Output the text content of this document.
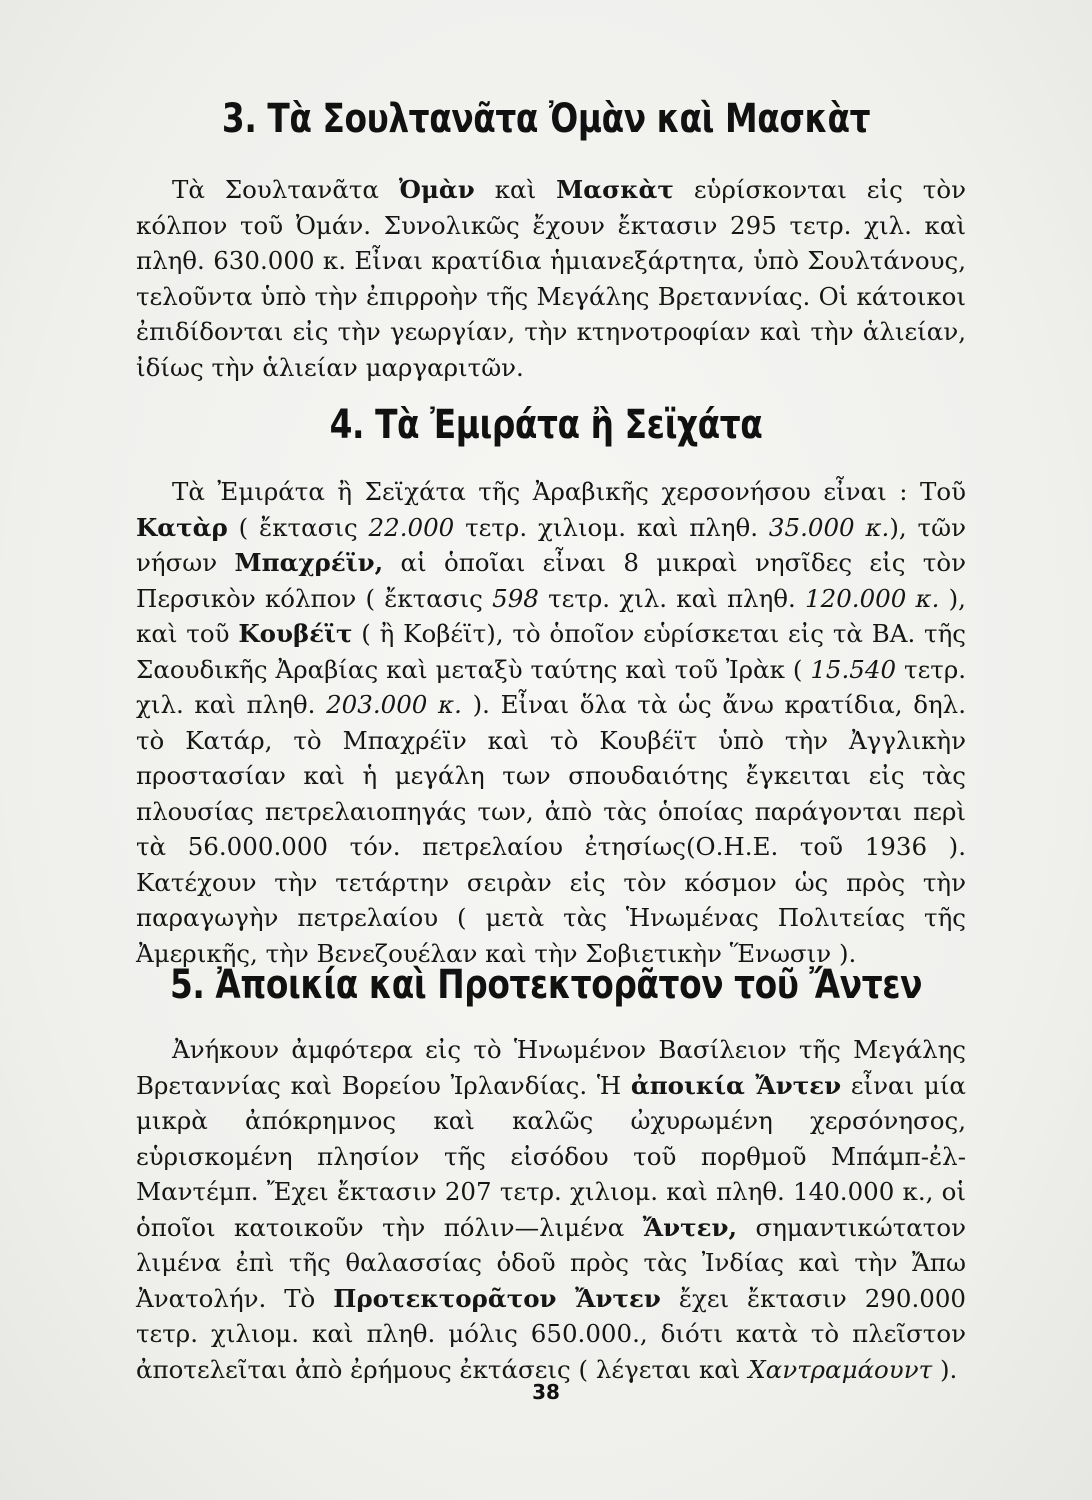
3. Τὰ Σουλτανᾶτα Ὀμὰν καὶ Μασκὰτ

Τὰ Σουλτανᾶτα Ὀμὰν καὶ Μασκὰτ εὑρίσκονται εἰς τὸν κόλπον τοῦ Ὀμάν. Συνολικῶς ἔχουν ἔκτασιν 295 τετρ. χιλ. καὶ πληθ. 630.000 κ. Εἶναι κρατίδια ἡμιανεξάρτητα, ὑπὸ Σουλτάνους, τελοῦντα ὑπὸ τὴν ἐπιρροὴν τῆς Μεγάλης Βρεταννίας. Οἱ κάτοικοι ἐπιδίδονται εἰς τὴν γεωργίαν, τὴν κτηνοτροφίαν καὶ τὴν ἁλιείαν, ἰδίως τὴν ἁλιείαν μαργαριτῶν.

4. Τὰ Ἐμιράτα ἢ Σεϊχάτα

Τὰ Ἐμιράτα ἢ Σεϊχάτα τῆς Ἀραβικῆς χερσονήσου εἶναι : Τοῦ Κατὰρ ( ἔκτασις 22.000 τετρ. χιλιομ. καὶ πληθ. 35.000 κ.), τῶν νήσων Μπαχρέϊν, αἱ ὁποῖαι εἶναι 8 μικραὶ νησῖδες εἰς τὸν Περσικὸν κόλπον ( ἔκτασις 598 τετρ. χιλ. καὶ πληθ. 120.000 κ. ), καὶ τοῦ Κουβέϊτ ( ἢ Κοβέϊτ), τὸ ὁποῖον εὑρίσκεται εἰς τὰ ΒΑ. τῆς Σαουδικῆς Ἀραβίας καὶ μεταξὺ ταύτης καὶ τοῦ Ἰρὰκ ( 15.540 τετρ. χιλ. καὶ πληθ. 203.000 κ. ). Εἶναι ὅλα τὰ ὡς ἄνω κρατίδια, δηλ. τὸ Κατάρ, τὸ Μπαχρέϊν καὶ τὸ Κουβέϊτ ὑπὸ τὴν Ἀγγλικὴν προστασίαν καὶ ἡ μεγάλη των σπουδαιότης ἔγκειται εἰς τὰς πλουσίας πετρελαιοπηγάς των, ἀπὸ τὰς ὁποίας παράγονται περὶ τὰ 56.000.000 τόν. πετρελαίου ἐτησίως(Ο.Η.Ε. τοῦ 1936 ). Κατέχουν τὴν τετάρτην σειρὰν εἰς τὸν κόσμον ὡς πρὸς τὴν παραγωγὴν πετρελαίου ( μετὰ τὰς Ἡνωμένας Πολιτείας τῆς Ἀμερικῆς, τὴν Βενεζουέλαν καὶ τὴν Σοβιετικὴν Ἕνωσιν ).

5. Ἀποικία καὶ Προτεκτορᾶτον τοῦ Ἄντεν

Ἀνήκουν ἀμφότερα εἰς τὸ Ἡνωμένον Βασίλειον τῆς Μεγάλης Βρεταννίας καὶ Βορείου Ἰρλανδίας. Ἡ ἀποικία Ἄντεν εἶναι μία μικρὰ ἀπόκρημνος καὶ καλῶς ὠχυρωμένη χερσόνησος, εὑρισκομένη πλησίον τῆς εἰσόδου τοῦ πορθμοῦ Μπάμπ-ἐλ-Μαντέμπ. Ἔχει ἔκτασιν 207 τετρ. χιλιομ. καὶ πληθ. 140.000 κ., οἱ ὁποῖοι κατοικοῦν τὴν πόλιν—λιμένα Ἄντεν, σημαντικώτατον λιμένα ἐπὶ τῆς θαλασσίας ὁδοῦ πρὸς τὰς Ἰνδίας καὶ τὴν Ἄπω Ἀνατολήν. Τὸ Προτεκτορᾶτον Ἄντεν ἔχει ἔκτασιν 290.000 τετρ. χιλιομ. καὶ πληθ. μόλις 650.000., διότι κατὰ τὸ πλεῖστον ἀποτελεῖται ἀπὸ ἐρήμους ἐκτάσεις ( λέγεται καὶ Χαντραμάουντ ).

38
